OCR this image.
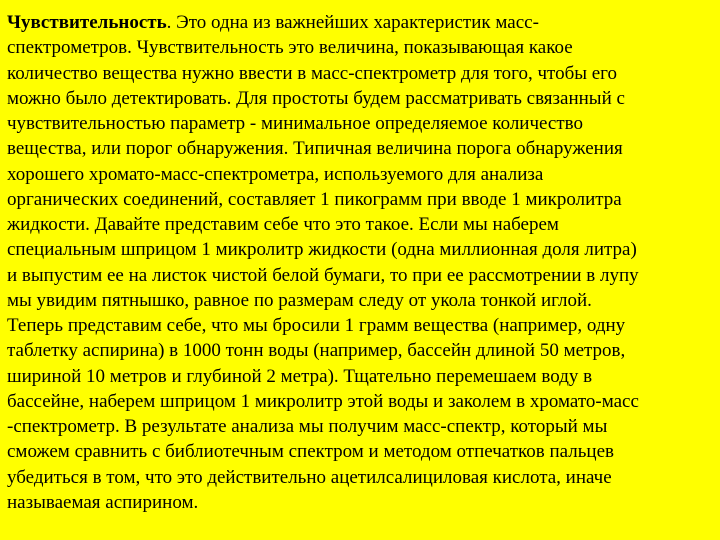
Чувствительность. Это одна из важнейших характеристик масс-
спектрометров. Чувствительность это величина, показывающая какое
количество вещества нужно ввести в масс-спектрометр для того, чтобы его
можно было детектировать. Для простоты будем рассматривать связанный с
чувствительностью параметр - минимальное определяемое количество
вещества, или порог обнаружения. Типичная величина порога обнаружения
хорошего хромато-масс-спектрометра, используемого для анализа
органических соединений, составляет 1 пикограмм при вводе 1 микролитра
жидкости. Давайте представим себе что это такое. Если мы наберем
специальным шприцом 1 микролитр жидкости (одна миллионная доля литра)
и выпустим ее на листок чистой белой бумаги, то при ее рассмотрении в лупу
мы увидим пятнышко, равное по размерам следу от укола тонкой иглой.
Теперь представим себе, что мы бросили 1 грамм вещества (например, одну
таблетку аспирина) в 1000 тонн воды (например, бассейн длиной 50 метров,
шириной 10 метров и глубиной 2 метра). Тщательно перемешаем воду в
бассейне, наберем шприцом 1 микролитр этой воды и заколем в хромато-масс
-спектрометр. В результате анализа мы получим масс-спектр, который мы
сможем сравнить с библиотечным спектром и методом отпечатков пальцев
убедиться в том, что это действительно ацетилсалициловая кислота, иначе
называемая аспирином.
